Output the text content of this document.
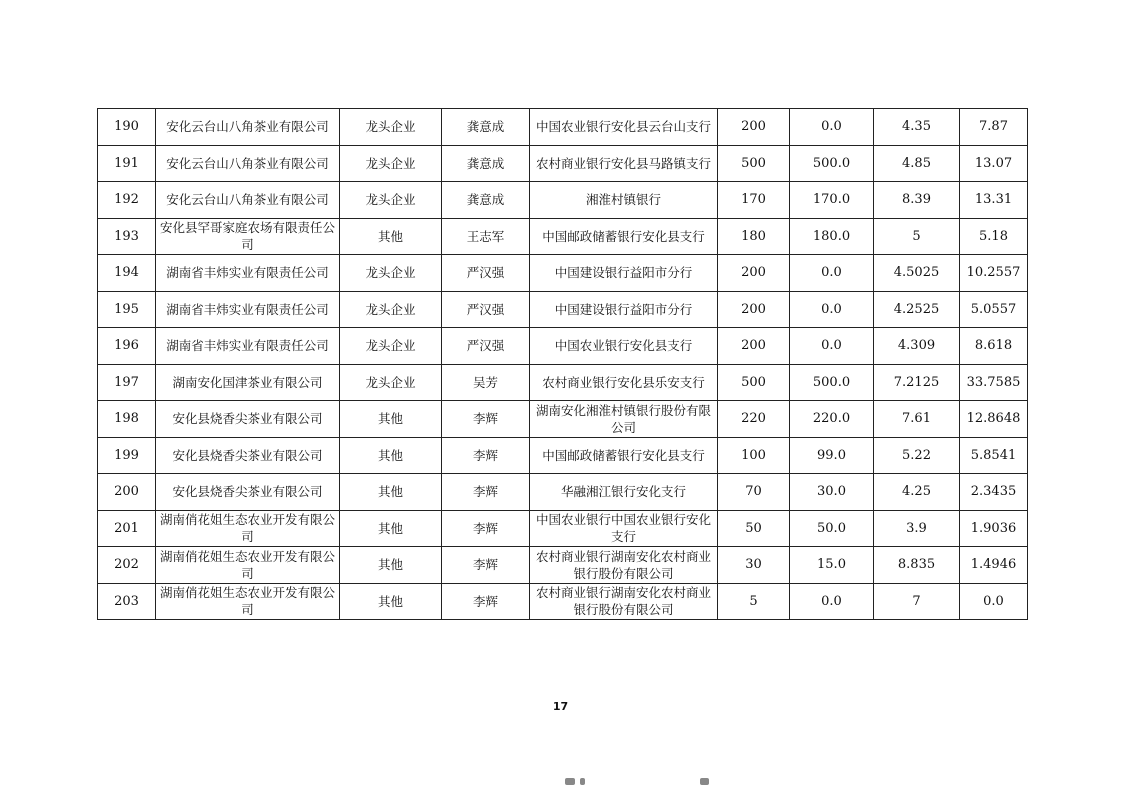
190	安化云台山八角茶业有限公司	龙头企业	龚意成	中国农业银行安化县云台山支行	200	0.0	4.35	7.87
191	安化云台山八角茶业有限公司	龙头企业	龚意成	农村商业银行安化县马路镇支行	500	500.0	4.85	13.07
192	安化云台山八角茶业有限公司	龙头企业	龚意成	湘淮村镇银行	170	170.0	8.39	13.31
193	安化县罕哥家庭农场有限责任公司	其他	王志军	中国邮政储蓄银行安化县支行	180	180.0	5	5.18
194	湖南省丰炜实业有限责任公司	龙头企业	严汉强	中国建设银行益阳市分行	200	0.0	4.5025	10.2557
195	湖南省丰炜实业有限责任公司	龙头企业	严汉强	中国建设银行益阳市分行	200	0.0	4.2525	5.0557
196	湖南省丰炜实业有限责任公司	龙头企业	严汉强	中国农业银行安化县支行	200	0.0	4.309	8.618
197	湖南安化国津茶业有限公司	龙头企业	吴芳	农村商业银行安化县乐安支行	500	500.0	7.2125	33.7585
198	安化县烧香尖茶业有限公司	其他	李辉	湖南安化湘淮村镇银行股份有限公司	220	220.0	7.61	12.8648
199	安化县烧香尖茶业有限公司	其他	李辉	中国邮政储蓄银行安化县支行	100	99.0	5.22	5.8541
200	安化县烧香尖茶业有限公司	其他	李辉	华融湘江银行安化支行	70	30.0	4.25	2.3435
201	湖南俏花姐生态农业开发有限公司	其他	李辉	中国农业银行中国农业银行安化支行	50	50.0	3.9	1.9036
202	湖南俏花姐生态农业开发有限公司	其他	李辉	农村商业银行湖南安化农村商业银行股份有限公司	30	15.0	8.835	1.4946
203	湖南俏花姐生态农业开发有限公司	其他	李辉	农村商业银行湖南安化农村商业银行股份有限公司	5	0.0	7	0.0
17
